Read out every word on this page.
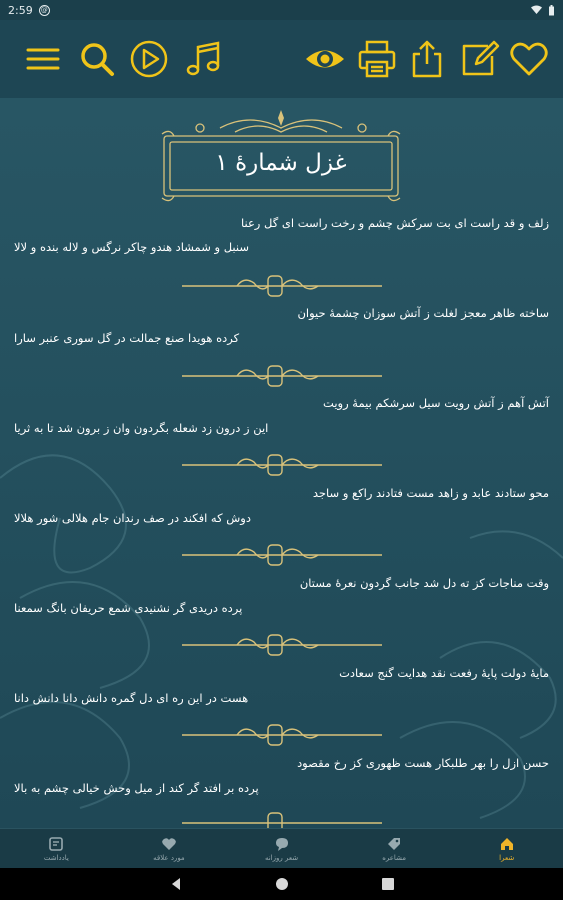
2:59 @
غزل شمارهٔ ۱
زلف و قد راست ای بت سرکش چشم و رخت راست ای گل رعنا
سنبل و شمشاد هندو چاکر نرگس و لاله بنده و لالا
ساخته ظاهر معجز لغلت ز آتش سوزان چشمهٔ حیوان
کرده هویدا صنع جمالت در گل سوری عنبر سارا
آتش آهم ز آتش رویت سیل سرشکم بیمهٔ رویت
این ز درون زد شعله بگردون وان ز برون شد تا به ثریا
محو ستادند عابد و زاهد مست فتادند راکع و ساجد
دوش که افکند در صف رندان جام هلالی شور هلالا
وقت مناجات کز ته دل شد جانب گردون نعرهٔ مستان
پرده دریدی گر نشنیدی شمع حریفان بانگ سمعنا
مایهٔ دولت پایهٔ رفعت نقد هدایت گنج سعادت
هست در این ره ای دل گمره دانش دانا دانش دانا
حسن ازل را بهر طلبکار هست ظهوری کز رخ مقصود
پرده بر افتد گر کند از میل وحش خیالی چشم به بالا
شعرا
مشاعره
شعر روزانه
مورد علاقه
یادداشت
